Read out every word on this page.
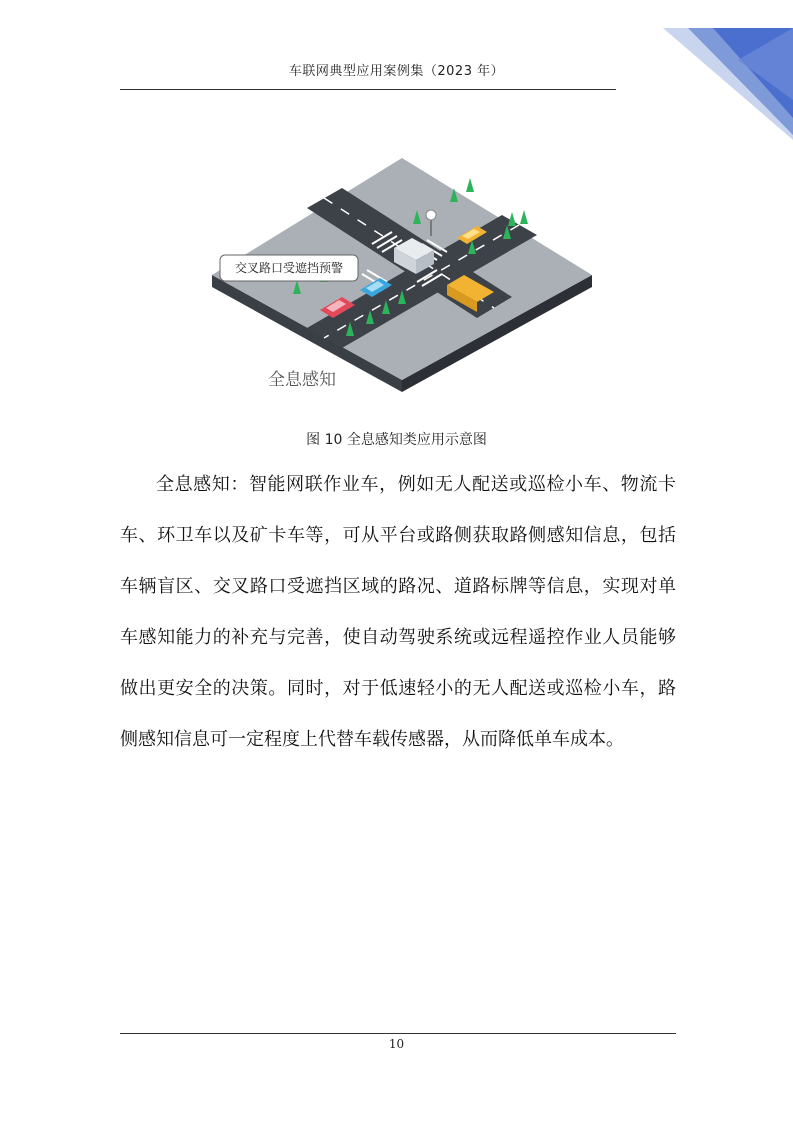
车联网典型应用案例集（2023 年）
交叉路口受遮挡预警
全息感知
图 10 全息感知类应用示意图

全息感知：智能网联作业车，例如无人配送或巡检小车、物流卡车、环卫车以及矿卡车等，可从平台或路侧获取路侧感知信息，包括车辆盲区、交叉路口受遮挡区域的路况、道路标牌等信息，实现对单车感知能力的补充与完善，使自动驾驶系统或远程遥控作业人员能够做出更安全的决策。同时，对于低速轻小的无人配送或巡检小车，路侧感知信息可一定程度上代替车载传感器，从而降低单车成本。

10
